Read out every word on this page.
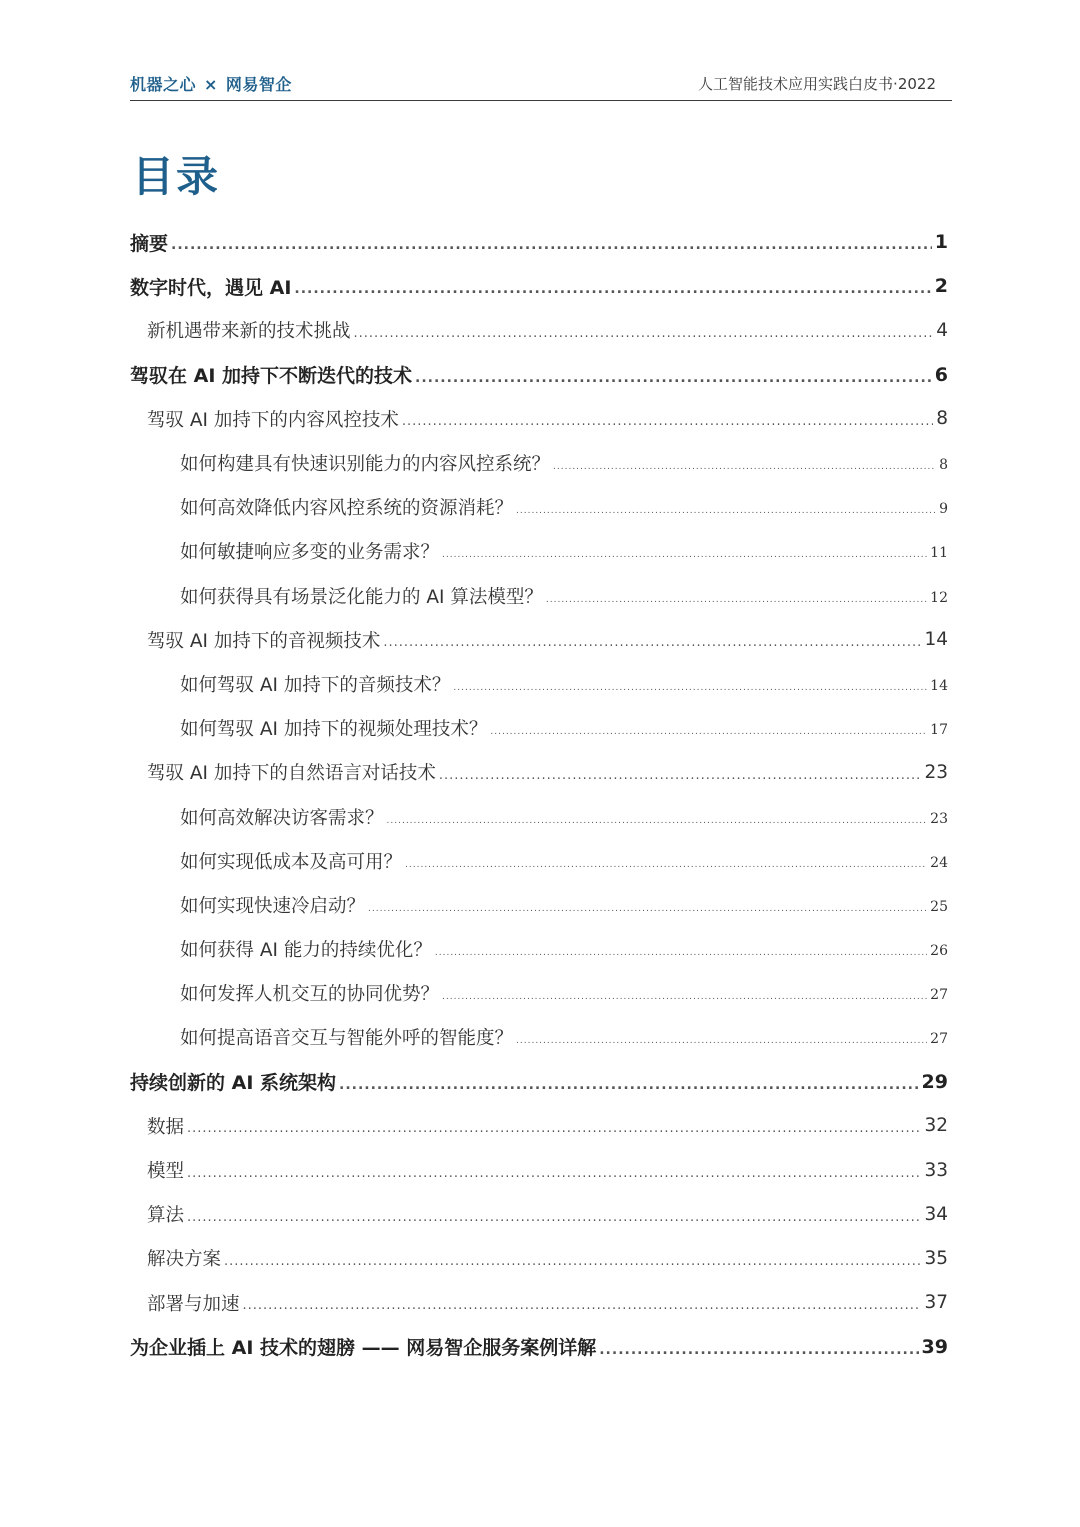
机器之心 × 网易智企	人工智能技术应用实践白皮书·2022
目录
摘要 .....	1
数字时代，遇见 AI .....	2
新机遇带来新的技术挑战 .....	4
驾驭在 AI 加持下不断迭代的技术 .....	6
驾驭 AI 加持下的内容风控技术 .....	8
如何构建具有快速识别能力的内容风控系统？ .....	8
如何高效降低内容风控系统的资源消耗？ .....	9
如何敏捷响应多变的业务需求？ .....	11
如何获得具有场景泛化能力的 AI 算法模型？ .....	12
驾驭 AI 加持下的音视频技术 .....	14
如何驾驭 AI 加持下的音频技术？ .....	14
如何驾驭 AI 加持下的视频处理技术？ .....	17
驾驭 AI 加持下的自然语言对话技术 .....	23
如何高效解决访客需求？ .....	23
如何实现低成本及高可用？ .....	24
如何实现快速冷启动？ .....	25
如何获得 AI 能力的持续优化？ .....	26
如何发挥人机交互的协同优势？ .....	27
如何提高语音交互与智能外呼的智能度？ .....	27
持续创新的 AI 系统架构 .....	29
数据 .....	32
模型 .....	33
算法 .....	34
解决方案 .....	35
部署与加速 .....	37
为企业插上 AI 技术的翅膀 —— 网易智企服务案例详解 .....	39
